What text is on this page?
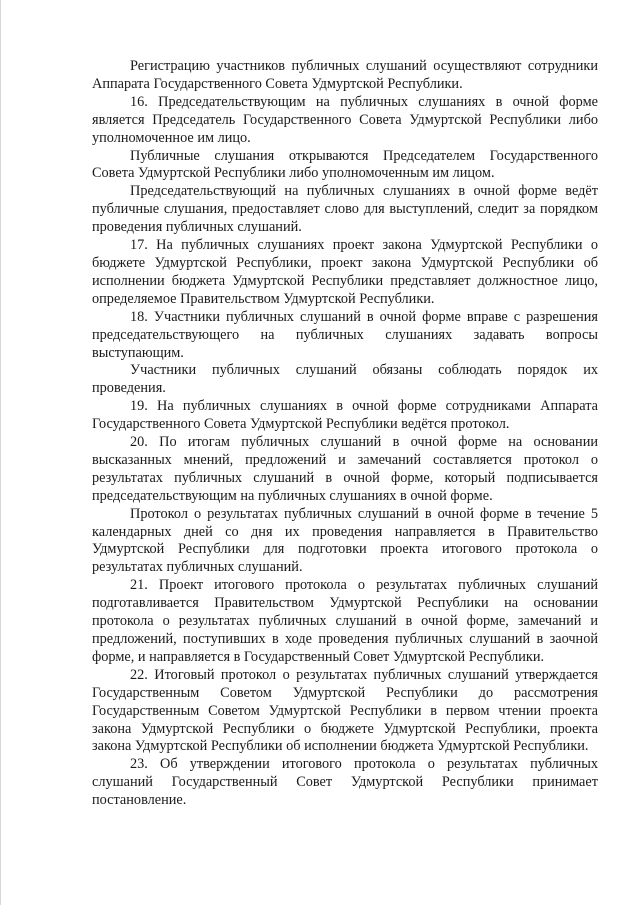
Регистрацию участников публичных слушаний осуществляют сотрудники Аппарата Государственного Совета Удмуртской Республики.

16. Председательствующим на публичных слушаниях в очной форме является Председатель Государственного Совета Удмуртской Республики либо уполномоченное им лицо.

Публичные слушания открываются Председателем Государственного Совета Удмуртской Республики либо уполномоченным им лицом.

Председательствующий на публичных слушаниях в очной форме ведёт публичные слушания, предоставляет слово для выступлений, следит за порядком проведения публичных слушаний.

17. На публичных слушаниях проект закона Удмуртской Республики о бюджете Удмуртской Республики, проект закона Удмуртской Республики об исполнении бюджета Удмуртской Республики представляет должностное лицо, определяемое Правительством Удмуртской Республики.

18. Участники публичных слушаний в очной форме вправе с разрешения председательствующего на публичных слушаниях задавать вопросы выступающим.

Участники публичных слушаний обязаны соблюдать порядок их проведения.

19. На публичных слушаниях в очной форме сотрудниками Аппарата Государственного Совета Удмуртской Республики ведётся протокол.

20. По итогам публичных слушаний в очной форме на основании высказанных мнений, предложений и замечаний составляется протокол о результатах публичных слушаний в очной форме, который подписывается председательствующим на публичных слушаниях в очной форме.

Протокол о результатах публичных слушаний в очной форме в течение 5 календарных дней со дня их проведения направляется в Правительство Удмуртской Республики для подготовки проекта итогового протокола о результатах публичных слушаний.

21. Проект итогового протокола о результатах публичных слушаний подготавливается Правительством Удмуртской Республики на основании протокола о результатах публичных слушаний в очной форме, замечаний и предложений, поступивших в ходе проведения публичных слушаний в заочной форме, и направляется в Государственный Совет Удмуртской Республики.

22. Итоговый протокол о результатах публичных слушаний утверждается Государственным Советом Удмуртской Республики до рассмотрения Государственным Советом Удмуртской Республики в первом чтении проекта закона Удмуртской Республики о бюджете Удмуртской Республики, проекта закона Удмуртской Республики об исполнении бюджета Удмуртской Республики.

23. Об утверждении итогового протокола о результатах публичных слушаний Государственный Совет Удмуртской Республики принимает постановление.
